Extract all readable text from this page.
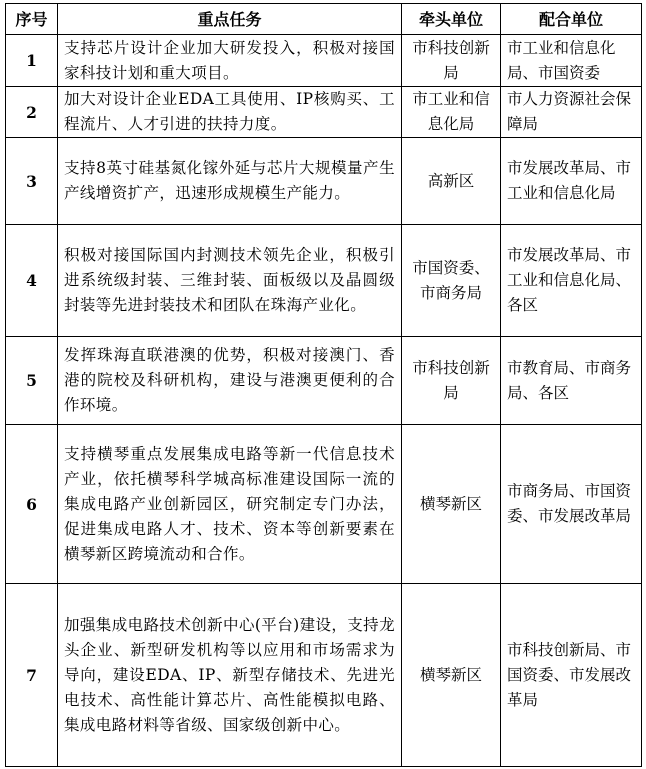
序号	重点任务	牵头单位	配合单位
1	支持芯片设计企业加大研发投入，积极对接国家科技计划和重大项目。	市科技创新局	市工业和信息化局、市国资委
2	加大对设计企业EDA工具使用、IP核购买、工程流片、人才引进的扶持力度。	市工业和信息化局	市人力资源社会保障局
3	支持8英寸硅基氮化镓外延与芯片大规模量产生产线增资扩产，迅速形成规模生产能力。	高新区	市发展改革局、市工业和信息化局
4	积极对接国际国内封测技术领先企业，积极引进系统级封装、三维封装、面板级以及晶圆级封装等先进封装技术和团队在珠海产业化。	市国资委、市商务局	市发展改革局、市工业和信息化局、各区
5	发挥珠海直联港澳的优势，积极对接澳门、香港的院校及科研机构，建设与港澳更便利的合作环境。	市科技创新局	市教育局、市商务局、各区
6	支持横琴重点发展集成电路等新一代信息技术产业，依托横琴科学城高标准建设国际一流的集成电路产业创新园区，研究制定专门办法，促进集成电路人才、技术、资本等创新要素在横琴新区跨境流动和合作。	横琴新区	市商务局、市国资委、市发展改革局
7	加强集成电路技术创新中心(平台)建设，支持龙头企业、新型研发机构等以应用和市场需求为导向，建设EDA、IP、新型存储技术、先进光电技术、高性能计算芯片、高性能模拟电路、集成电路材料等省级、国家级创新中心。	横琴新区	市科技创新局、市国资委、市发展改革局
